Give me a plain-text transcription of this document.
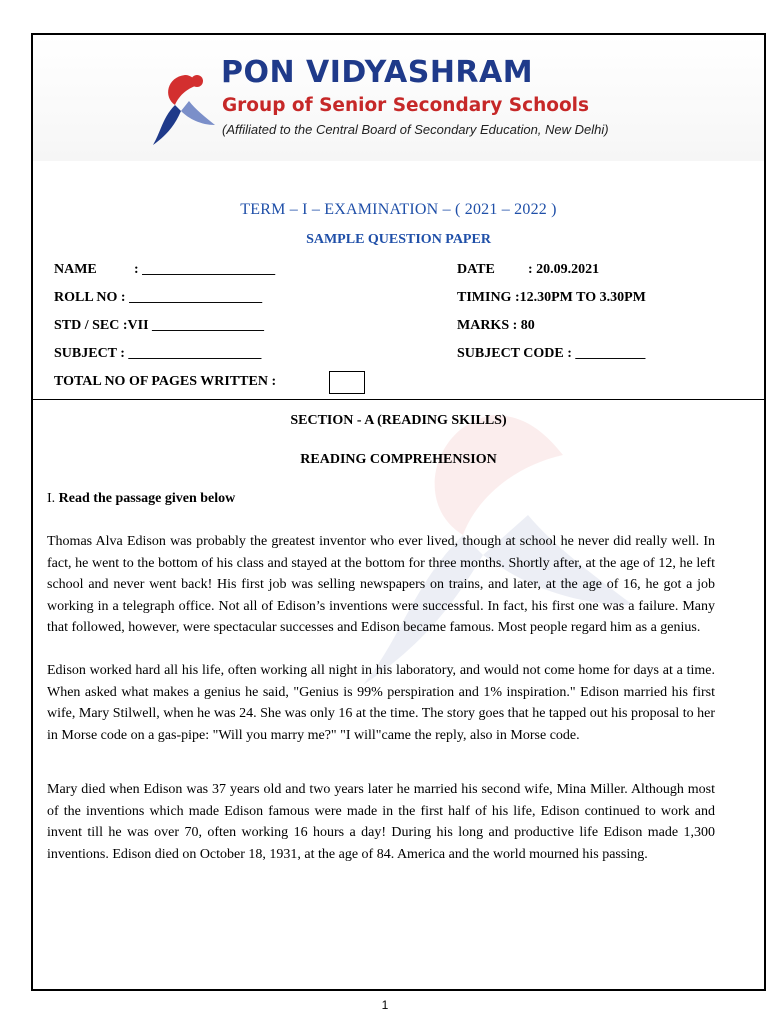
PON VIDYASHRAM
Group of Senior Secondary Schools
(Affiliated to the Central Board of Secondary Education, New Delhi)
TERM – I – EXAMINATION – ( 2021 – 2022 )
SAMPLE QUESTION PAPER
NAME	: ___________________	DATE : 20.09.2021
ROLL NO : ___________________	TIMING :12.30PM TO 3.30PM
STD / SEC :VII ________________	MARKS : 80
SUBJECT : ___________________	SUBJECT CODE : __________
TOTAL NO OF PAGES WRITTEN :
SECTION - A (READING SKILLS)
READING COMPREHENSION
I. Read the passage given below

Thomas Alva Edison was probably the greatest inventor who ever lived, though at school he never did really well. In fact, he went to the bottom of his class and stayed at the bottom for three months. Shortly after, at the age of 12, he left school and never went back! His first job was selling newspapers on trains, and later, at the age of 16, he got a job working in a telegraph office. Not all of Edison’s inventions were successful. In fact, his first one was a failure. Many that followed, however, were spectacular successes and Edison became famous. Most people regard him as a genius.

Edison worked hard all his life, often working all night in his laboratory, and would not come home for days at a time. When asked what makes a genius he said, "Genius is 99% perspiration and 1% inspiration." Edison married his first wife, Mary Stilwell, when he was 24. She was only 16 at the time. The story goes that he tapped out his proposal to her in Morse code on a gas-pipe: "Will you marry me?" "I will"came the reply, also in Morse code.

Mary died when Edison was 37 years old and two years later he married his second wife, Mina Miller. Although most of the inventions which made Edison famous were made in the first half of his life, Edison continued to work and invent till he was over 70, often working 16 hours a day! During his long and productive life Edison made 1,300 inventions. Edison died on October 18, 1931, at the age of 84. America and the world mourned his passing.

1
